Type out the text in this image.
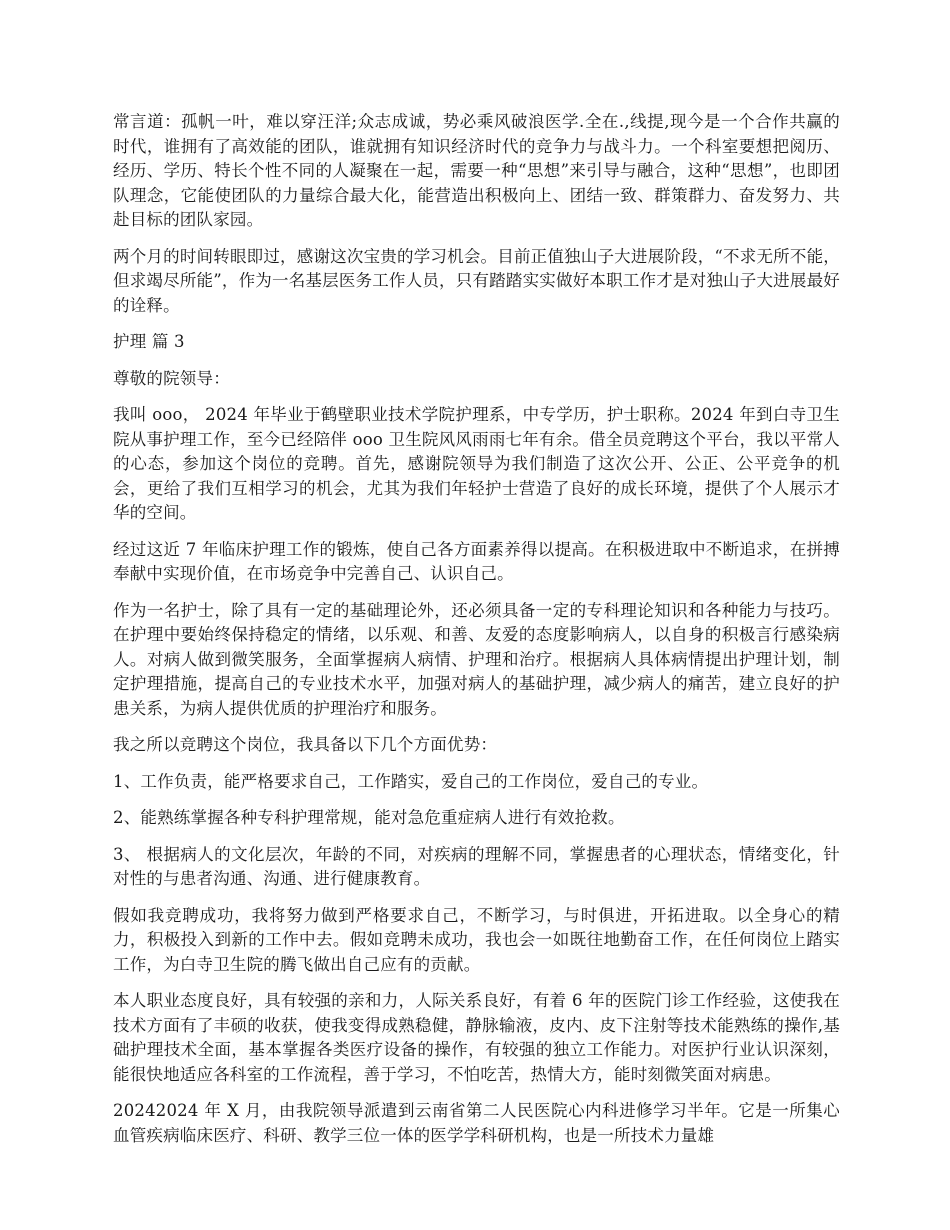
常言道：孤帆一叶，难以穿汪洋;众志成诚，势必乘风破浪医学.全在.,线提,现今是一个合作共赢的时代，谁拥有了高效能的团队，谁就拥有知识经济时代的竞争力与战斗力。一个科室要想把阅历、经历、学历、特长个性不同的人凝聚在一起，需要一种“思想”来引导与融合，这种“思想”，也即团队理念，它能使团队的力量综合最大化，能营造出积极向上、团结一致、群策群力、奋发努力、共赴目标的团队家园。

两个月的时间转眼即过，感谢这次宝贵的学习机会。目前正值独山子大进展阶段，“不求无所不能，但求竭尽所能”，作为一名基层医务工作人员，只有踏踏实实做好本职工作才是对独山子大进展最好的诠释。

护理 篇 3

尊敬的院领导：

我叫 ooo， 2024 年毕业于鹤壁职业技术学院护理系，中专学历，护士职称。2024 年到白寺卫生院从事护理工作，至今已经陪伴 ooo 卫生院风风雨雨七年有余。借全员竞聘这个平台，我以平常人的心态，参加这个岗位的竞聘。首先，感谢院领导为我们制造了这次公开、公正、公平竞争的机会，更给了我们互相学习的机会，尤其为我们年轻护士营造了良好的成长环境，提供了个人展示才华的空间。

经过这近 7 年临床护理工作的锻炼，使自己各方面素养得以提高。在积极进取中不断追求，在拼搏奉献中实现价值，在市场竞争中完善自己、认识自己。

作为一名护士，除了具有一定的基础理论外，还必须具备一定的专科理论知识和各种能力与技巧。在护理中要始终保持稳定的情绪，以乐观、和善、友爱的态度影响病人，以自身的积极言行感染病人。对病人做到微笑服务，全面掌握病人病情、护理和治疗。根据病人具体病情提出护理计划，制定护理措施，提高自己的专业技术水平，加强对病人的基础护理，减少病人的痛苦，建立良好的护患关系，为病人提供优质的护理治疗和服务。

我之所以竞聘这个岗位，我具备以下几个方面优势：

1、工作负责，能严格要求自己，工作踏实，爱自己的工作岗位，爱自己的专业。

2、能熟练掌握各种专科护理常规，能对急危重症病人进行有效抢救。

3、 根据病人的文化层次，年龄的不同，对疾病的理解不同，掌握患者的心理状态，情绪变化，针对性的与患者沟通、沟通、进行健康教育。

假如我竞聘成功，我将努力做到严格要求自己，不断学习，与时俱进，开拓进取。以全身心的精力，积极投入到新的工作中去。假如竞聘未成功，我也会一如既往地勤奋工作，在任何岗位上踏实工作，为白寺卫生院的腾飞做出自己应有的贡献。

本人职业态度良好，具有较强的亲和力，人际关系良好，有着 6 年的医院门诊工作经验，这使我在技术方面有了丰硕的收获，使我变得成熟稳健，静脉输液，皮内、皮下注射等技术能熟练的操作,基础护理技术全面，基本掌握各类医疗设备的操作，有较强的独立工作能力。对医护行业认识深刻，能很快地适应各科室的工作流程，善于学习，不怕吃苦，热情大方，能时刻微笑面对病患。

20242024 年 X 月，由我院领导派遣到云南省第二人民医院心内科进修学习半年。它是一所集心血管疾病临床医疗、科研、教学三位一体的医学学科研机构，也是一所技术力量雄
